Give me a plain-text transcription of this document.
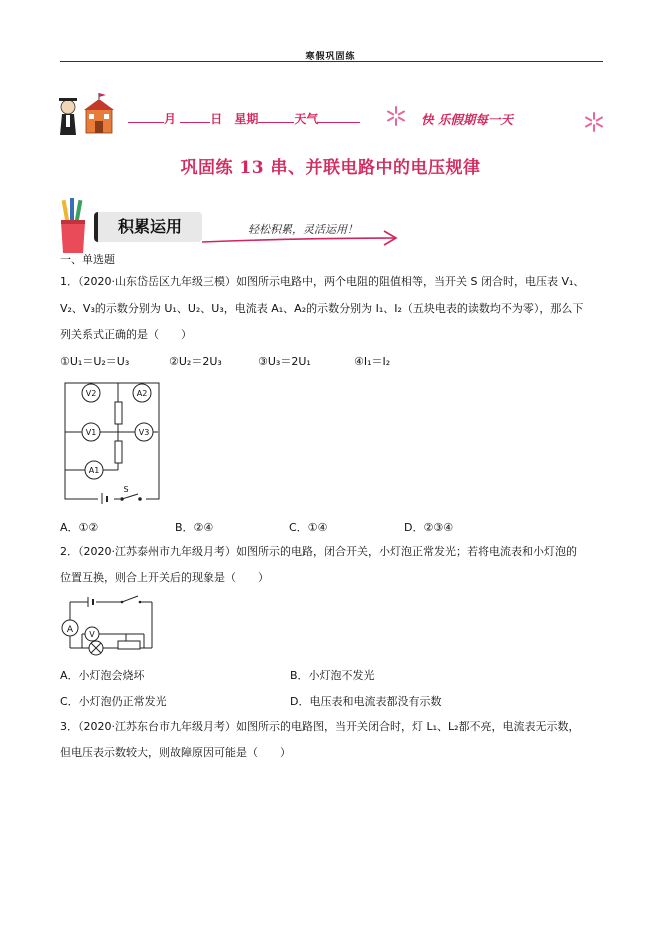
寒假巩固练
月	日 星期	天气	快 乐假期每一天
巩固练 13 串、并联电路中的电压规律
积累运用	轻松积累，灵活运用！
一、单选题
1．（2020·山东岱岳区九年级三模）如图所示电路中，两个电阻的阻值相等，当开关 S 闭合时，电压表 V₁、
V₂、V₃的示数分别为 U₁、U₂、U₃，电流表 A₁、A₂的示数分别为 I₁、I₂（五块电表的读数均不为零），那么下
列关系式正确的是（　　）
①U₁＝U₂＝U₃	②U₂＝2U₃	③U₃＝2U₁	④I₁＝I₂
V2	A2
V1	V3
A1
S
A．①②	B．②④	C．①④	D．②③④
2．（2020·江苏泰州市九年级月考）如图所示的电路，闭合开关，小灯泡正常发光；若将电流表和小灯泡的
位置互换，则合上开关后的现象是（　　）
A V
A．小灯泡会烧坏	B．小灯泡不发光
C．小灯泡仍正常发光	D．电压表和电流表都没有示数
3．（2020·江苏东台市九年级月考）如图所示的电路图，当开关闭合时，灯 L₁、L₂都不亮，电流表无示数，
但电压表示数较大，则故障原因可能是（　　）
